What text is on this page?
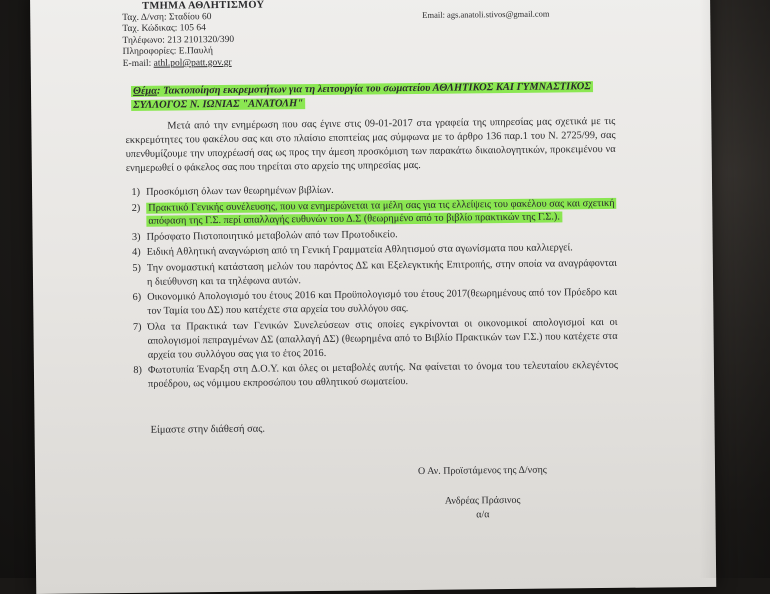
ΤΜΗΜΑ ΑΘΛΗΤΙΣΜΟΥ
Ταχ. Δ/νση: Σταδίου 60
Ταχ. Κώδικας: 105 64
Τηλέφωνο: 213 2101320/390
Πληροφορίες: Ε.Παυλή
E-mail: athl.pol@patt.gov.gr
Email: ags.anatoli.stivos@gmail.com
Θέμα: Τακτοποίηση εκκρεμοτήτων για τη λειτουργία του σωματείου ΑΘΛΗΤΙΚΟΣ ΚΑΙ ΓΥΜΝΑΣΤΙΚΟΣ ΣΥΛΛΟΓΟΣ Ν. ΙΩΝΙΑΣ "ΑΝΑΤΟΛΗ"
Μετά από την ενημέρωση που σας έγινε στις 09-01-2017 στα γραφεία της υπηρεσίας μας σχετικά με τις εκκρεμότητες του φακέλου σας και στο πλαίσιο εποπτείας μας σύμφωνα με το άρθρο 136 παρ.1 του Ν. 2725/99, σας υπενθυμίζουμε την υποχρέωσή σας ως προς την άμεση προσκόμιση των παρακάτω δικαιολογητικών, προκειμένου να ενημερωθεί ο φάκελος σας που τηρείται στο αρχείο της υπηρεσίας μας.
1) Προσκόμιση όλων των θεωρημένων βιβλίων.
2) Πρακτικό Γενικής συνέλευσης, που να ενημερώνεται τα μέλη σας για τις ελλείψεις του φακέλου σας και σχετική απόφαση της Γ.Σ. περί απαλλαγής ευθυνών του Δ.Σ (θεωρημένο από το βιβλίο πρακτικών της Γ.Σ.).
3) Πρόσφατο Πιστοποιητικό μεταβολών από των Πρωτοδικείο.
4) Ειδική Αθλητική αναγνώριση από τη Γενική Γραμματεία Αθλητισμού στα αγωνίσματα που καλλιεργεί.
5) Την ονομαστική κατάσταση μελών του παρόντος ΔΣ και Εξελεγκτικής Επιτροπής, στην οποία να αναγράφονται η διεύθυνση και τα τηλέφωνα αυτών.
6) Οικονομικό Απολογισμό του έτους 2016 και Προϋπολογισμό του έτους 2017(θεωρημένους από τον Πρόεδρο και τον Ταμία του ΔΣ) που κατέχετε στα αρχεία του συλλόγου σας.
7) Όλα τα Πρακτικά των Γενικών Συνελεύσεων στις οποίες εγκρίνονται οι οικονομικοί απολογισμοί και οι απολογισμοί πεπραγμένων ΔΣ (απαλλαγή ΔΣ) (θεωρημένα από το Βιβλίο Πρακτικών των Γ.Σ.) που κατέχετε στα αρχεία του συλλόγου σας για το έτος 2016.
8) Φωτοτυπία Έναρξη στη Δ.Ο.Υ. και όλες οι μεταβολές αυτής. Να φαίνεται το όνομα του τελευταίου εκλεγέντος προέδρου, ως νόμιμου εκπροσώπου του αθλητικού σωματείου.
Είμαστε στην διάθεσή σας.
Ο Αν. Προϊστάμενος της Δ/νσης
Ανδρέας Πράσινος
α/α
